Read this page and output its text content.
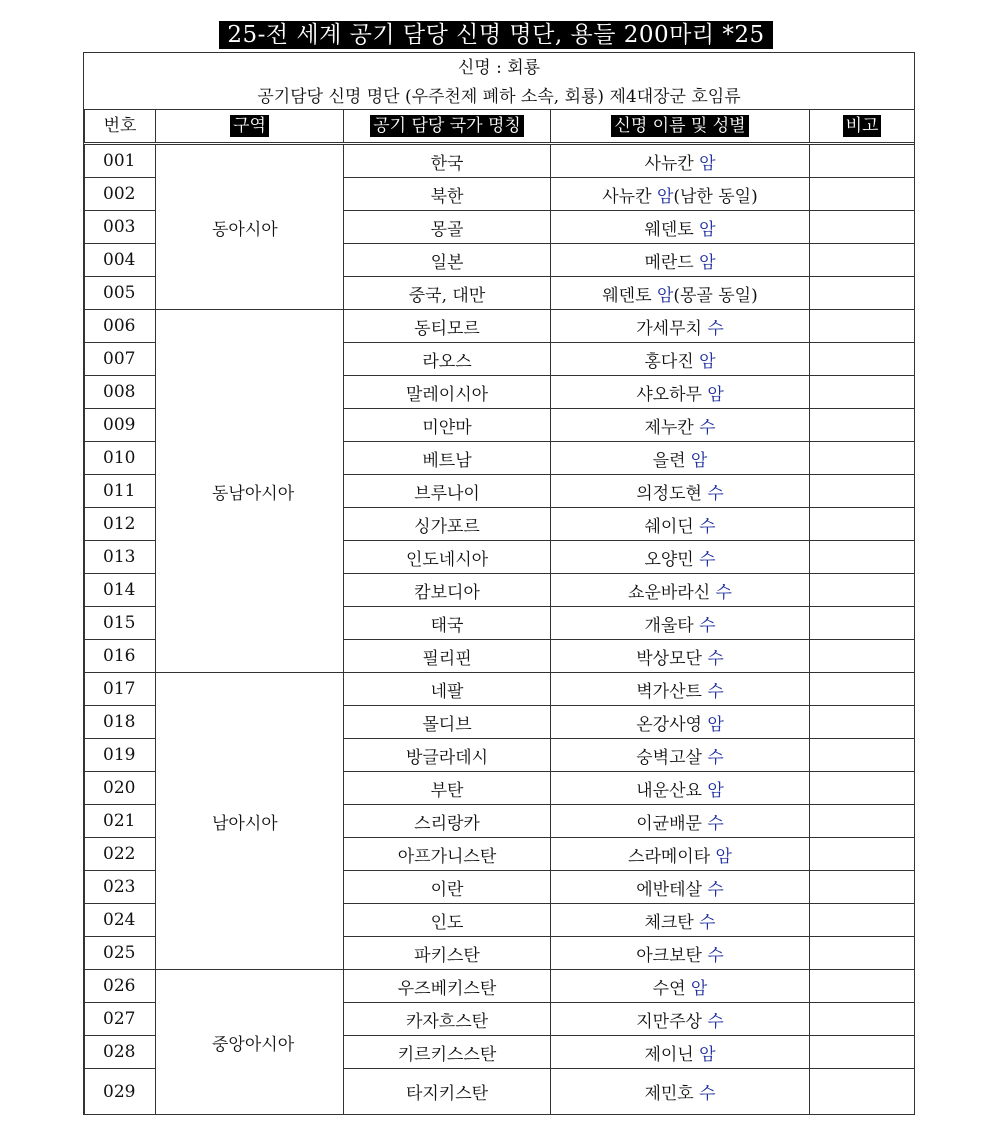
25-전 세계 공기 담당 신명 명단, 용들 200마리 *25
신명 : 회룡
공기담당 신명 명단 (우주천제 폐하 소속, 회룡) 제4대장군 호임류
번호	구역	공기 담당 국가 명칭	신명 이름 및 성별	비고
001	동아시아	한국	사뉴칸 암	
002		북한	사뉴칸 암(남한 동일)	
003		몽골	웨덴토 암	
004		일본	메란드 암	
005		중국, 대만	웨덴토 암(몽골 동일)	
006	동남아시아	동티모르	가세무치 수	
007		라오스	홍다진 암	
008		말레이시아	샤오하무 암	
009		미얀마	제누칸 수	
010		베트남	을련 암	
011		브루나이	의정도현 수	
012		싱가포르	쉐이딘 수	
013		인도네시아	오양민 수	
014		캄보디아	쇼운바라신 수	
015		태국	개울타 수	
016		필리핀	박상모단 수	
017	남아시아	네팔	벽가산트 수	
018		몰디브	온강사영 암	
019		방글라데시	숭벽고살 수	
020		부탄	내운산요 암	
021		스리랑카	이균배문 수	
022		아프가니스탄	스라메이타 암	
023		이란	에반테살 수	
024		인도	체크탄 수	
025		파키스탄	아크보탄 수	
026	중앙아시아	우즈베키스탄	수연 암	
027		카자흐스탄	지만주상 수	
028		키르키스스탄	제이닌 암	
029		타지키스탄	제민호 수	
